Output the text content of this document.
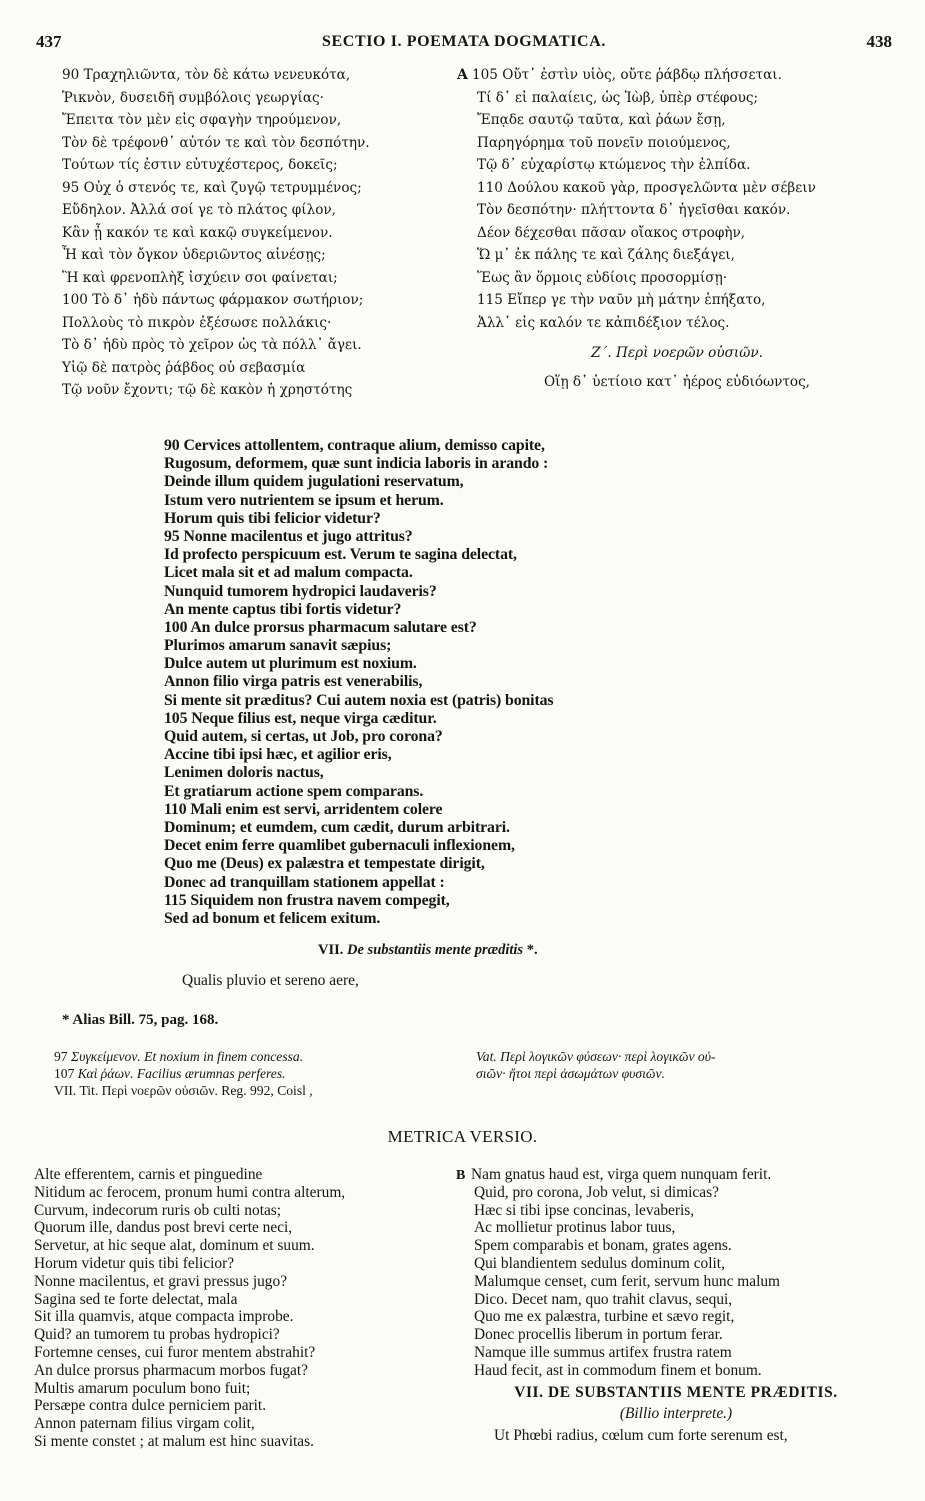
437	SECTIO I. POEMATA DOGMATICA.	438
90 Τραχηλιῶντα, τὸν δὲ κάτω νενευκότα,
Ῥικνὸν, δυσειδῆ συμβόλοις γεωργίας·
Ἔπειτα τὸν μὲν εἰς σφαγὴν τηρούμενον,
Τὸν δὲ τρέφονθ᾽ αὐτόν τε καὶ τὸν δεσπότην.
Τούτων τίς ἐστιν εὐτυχέστερος, δοκεῖς;
95 Οὐχ ὁ στενός τε, καὶ ζυγῷ τετρυμμένος;
Εὔδηλον. Ἀλλά σοί γε τὸ πλάτος φίλον,
Κἂν ᾖ κακόν τε καὶ κακῷ συγκείμενον.
Ἦ καὶ τὸν ὄγκον ὑδεριῶντος αἰνέσῃς;
Ἢ καὶ φρενοπλὴξ ἰσχύειν σοι φαίνεται;
100 Τὸ δ᾽ ἡδὺ πάντως φάρμακον σωτήριον;
Πολλοὺς τὸ πικρὸν ἐξέσωσε πολλάκις·
Τὸ δ᾽ ἡδὺ πρὸς τὸ χεῖρον ὡς τὰ πόλλ᾽ ἄγει.
Υἱῷ δὲ πατρὸς ῥάβδος οὐ σεβασμία
Τῷ νοῦν ἔχοντι; τῷ δὲ κακὸν ἡ χρηστότης
A 105 Οὔτ᾽ ἐστὶν υἱὸς, οὔτε ῥάβδῳ πλήσσεται.
Τί δ᾽ εἰ παλαίεις, ὡς Ἰὼβ, ὑπὲρ στέφους;
Ἔπᾳδε σαυτῷ ταῦτα, καὶ ῥάων ἔσῃ,
Παρηγόρημα τοῦ πονεῖν ποιούμενος,
Τῷ δ᾽ εὐχαρίστῳ κτώμενος τὴν ἐλπίδα.
110 Δούλου κακοῦ γὰρ, προσγελῶντα μὲν σέβειν
Τὸν δεσπότην· πλήττοντα δ᾽ ἡγεῖσθαι κακόν.
Δέον δέχεσθαι πᾶσαν οἴακος στροφὴν,
Ὥ μ᾽ ἐκ πάλης τε καὶ ζάλης διεξάγει,
Ἕως ἂν ὅρμοις εὐδίοις προσορμίσῃ·
115 Εἴπερ γε τὴν ναῦν μὴ μάτην ἐπήξατο,
Ἀλλ᾽ εἰς καλόν τε κἀπιδέξιον τέλος.
Ζ΄. Περὶ νοερῶν οὐσιῶν.
Οἵῃ δ᾽ ὑετίοιο κατ᾽ ἠέρος εὐδιόωντος,
90 Cervices attollentem, contraque alium, demisso capite,
Rugosum, deformem, quæ sunt indicia laboris in arando :
Deinde illum quidem jugulationi reservatum,
Istum vero nutrientem se ipsum et herum.
Horum quis tibi felicior videtur?
95 Nonne macilentus et jugo attritus?
Id profecto perspicuum est. Verum te sagina delectat,
Licet mala sit et ad malum compacta.
Nunquid tumorem hydropici laudaveris?
An mente captus tibi fortis videtur?
100 An dulce prorsus pharmacum salutare est?
Plurimos amarum sanavit sæpius;
Dulce autem ut plurimum est noxium.
Annon filio virga patris est venerabilis,
Si mente sit præditus? Cui autem noxia est (patris) bonitas
105 Neque filius est, neque virga cæditur.
Quid autem, si certas, ut Job, pro corona?
Accine tibi ipsi hæc, et agilior eris,
Lenimen doloris nactus,
Et gratiarum actione spem comparans.
110 Mali enim est servi, arridentem colere
Dominum; et eumdem, cum cædit, durum arbitrari.
Decet enim ferre quamlibet gubernaculi inflexionem,
Quo me (Deus) ex palæstra et tempestate dirigit,
Donec ad tranquillam stationem appellat :
115 Siquidem non frustra navem compegit,
Sed ad bonum et felicem exitum.
VII. De substantiis mente præditis *.
Qualis pluvio et sereno aere,
* Alias Bill. 75, pag. 168.
97 Συγκείμενον. Et noxium in finem concessa.
107 Καὶ ῥάων. Facilius ærumnas perferes.
VII. Tit. Περὶ νοερῶν οὐσιῶν. Reg. 992, Coisl ,
Vat. Περὶ λογικῶν φύσεων· περὶ λογικῶν οὐ-
σιῶν· ἤτοι περὶ ἀσωμάτων φυσιῶν.
METRICA VERSIO.
Alte efferentem, carnis et pinguedine
Nitidum ac ferocem, pronum humi contra alterum,
Curvum, indecorum ruris ob culti notas;
Quorum ille, dandus post brevi certe neci,
Servetur, at hic seque alat, dominum et suum.
Horum videtur quis tibi felicior?
Nonne macilentus, et gravi pressus jugo?
Sagina sed te forte delectat, mala
Sit illa quamvis, atque compacta improbe.
Quid? an tumorem tu probas hydropici?
Fortemne censes, cui furor mentem abstrahit?
An dulce prorsus pharmacum morbos fugat?
Multis amarum poculum bono fuit;
Persæpe contra dulce perniciem parit.
Annon paternam filius virgam colit,
Si mente constet ; at malum est hinc suavitas.
B Nam gnatus haud est, virga quem nunquam ferit.
Quid, pro corona, Job velut, si dimicas?
Hæc si tibi ipse concinas, levaberis,
Ac mollietur protinus labor tuus,
Spem comparabis et bonam, grates agens.
Qui blandientem sedulus dominum colit,
Malumque censet, cum ferit, servum hunc malum
Dico. Decet nam, quo trahit clavus, sequi,
Quo me ex palæstra, turbine et sævo regit,
Donec procellis liberum in portum ferar.
Namque ille summus artifex frustra ratem
Haud fecit, ast in commodum finem et bonum.
VII. DE SUBSTANTIIS MENTE PRÆDITIS.
(Billio interprete.)
Ut Phœbi radius, cœlum cum forte serenum est,
